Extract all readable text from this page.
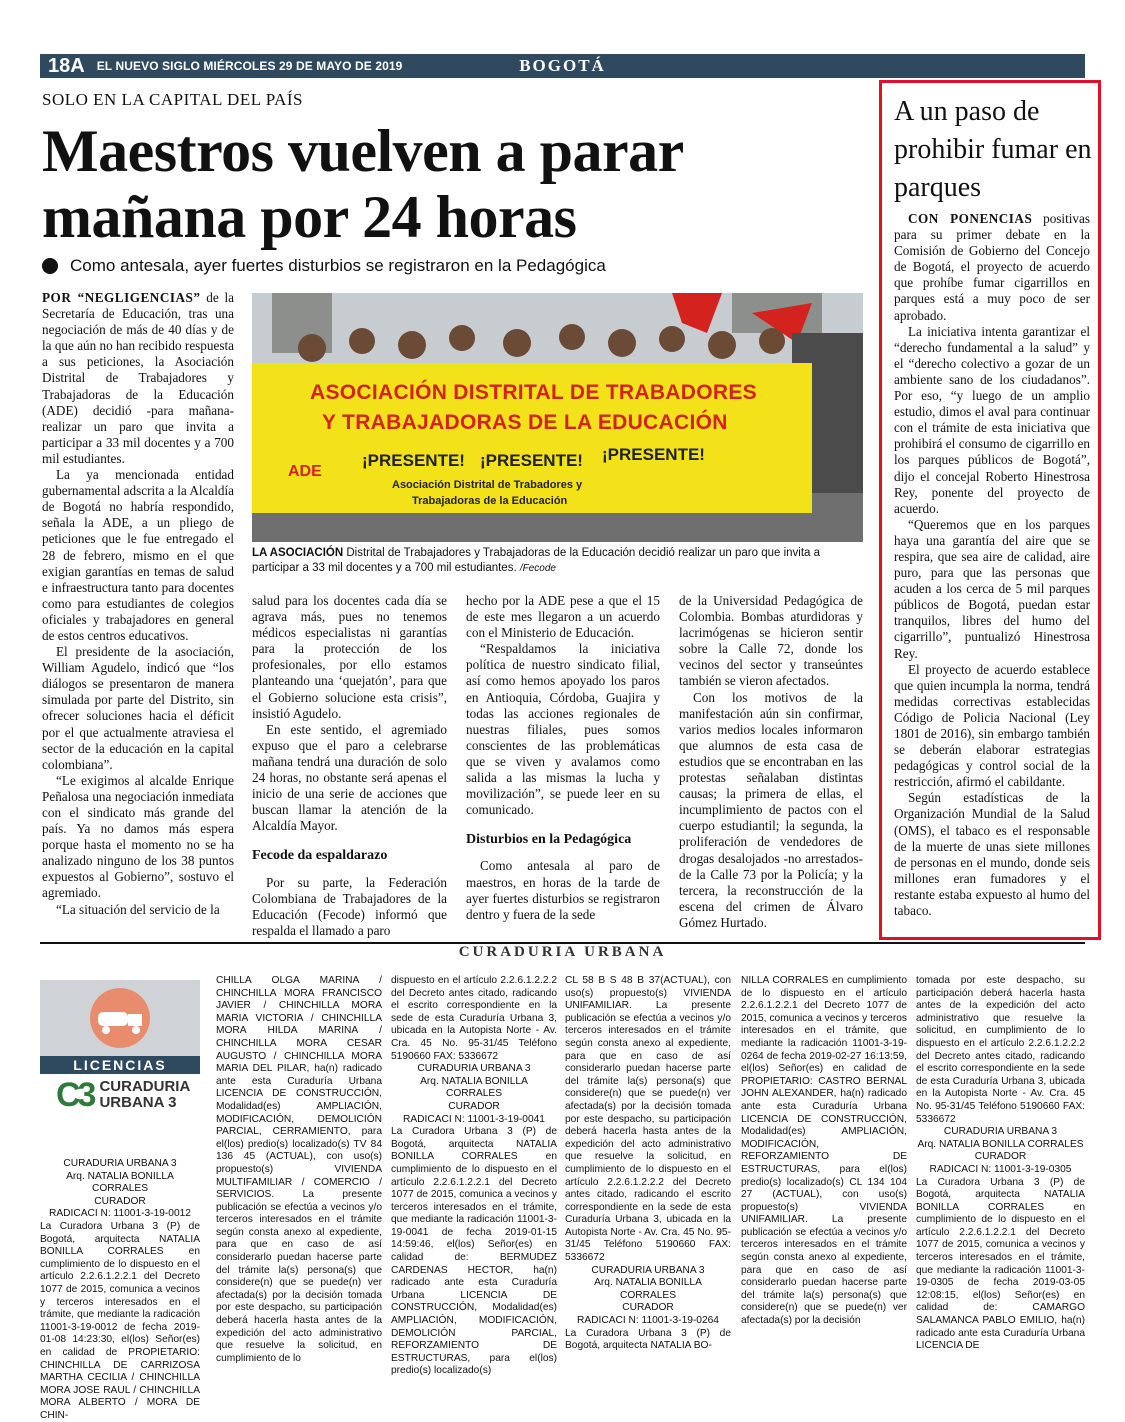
18A EL NUEVO SIGLO MIÉRCOLES 29 DE MAYO DE 2019	BOGOTÁ
SOLO EN LA CAPITAL DEL PAÍS
Maestros vuelven a parar mañana por 24 horas
Como antesala, ayer fuertes disturbios se registraron en la Pedagógica

POR “NEGLIGENCIAS” de la Secretaría de Educación, tras una negociación de más de 40 días y de la que aún no han recibido respuesta a sus peticiones, la Asociación Distrital de Trabajadores y Trabajadoras de la Educación (ADE) decidió -para mañana- realizar un paro que invita a participar a 33 mil docentes y a 700 mil estudiantes.

La ya mencionada entidad gubernamental adscrita a la Alcaldía de Bogotá no habría respondido, señala la ADE, a un pliego de peticiones que le fue entregado el 28 de febrero, mismo en el que exigian garantías en temas de salud e infraestructura tanto para docentes como para estudiantes de colegios oficiales y trabajadores en general de estos centros educativos.

El presidente de la asociación, William Agudelo, indicó que “los diálogos se presentaron de manera simulada por parte del Distrito, sin ofrecer soluciones hacia el déficit por el que actualmente atraviesa el sector de la educación en la capital colombiana”.

“Le exigimos al alcalde Enrique Peñalosa una negociación inmediata con el sindicato más grande del país. Ya no damos más espera porque hasta el momento no se ha analizado ninguno de los 38 puntos expuestos al Gobierno”, sostuvo el agremiado.

“La situación del servicio de la

ASOCIACIÓN DISTRITAL DE TRABADORES
Y TRABAJADORAS DE LA EDUCACIÓN
¡PRESENTE! ¡PRESENTE! ¡PRESENTE!
ADE
Asociación Distrital de Trabadores y
Trabajadoras de la Educación
LA ASOCIACIÓN Distrital de Trabajadores y Trabajadoras de la Educación decidió realizar un paro que invita a participar a 33 mil docentes y a 700 mil estudiantes. /Fecode

salud para los docentes cada día se agrava más, pues no tenemos médicos especialistas ni garantías para la protección de los profesionales, por ello estamos planteando una ‘quejatón’, para que el Gobierno solucione esta crisis”, insistió Agudelo.

En este sentido, el agremiado expuso que el paro a celebrarse mañana tendrá una duración de solo 24 horas, no obstante será apenas el inicio de una serie de acciones que buscan llamar la atención de la Alcaldía Mayor.

Fecode da espaldarazo

Por su parte, la Federación Colombiana de Trabajadores de la Educación (Fecode) informó que respalda el llamado a paro

hecho por la ADE pese a que el 15 de este mes llegaron a un acuerdo con el Ministerio de Educación.

“Respaldamos la iniciativa política de nuestro sindicato filial, así como hemos apoyado los paros en Antioquia, Córdoba, Guajira y todas las acciones regionales de nuestras filiales, pues somos conscientes de las problemáticas que se viven y avalamos como salida a las mismas la lucha y movilización”, se puede leer en su comunicado.

Disturbios en la Pedagógica

Como antesala al paro de maestros, en horas de la tarde de ayer fuertes disturbios se registraron dentro y fuera de la sede

de la Universidad Pedagógica de Colombia. Bombas aturdidoras y lacrimógenas se hicieron sentir sobre la Calle 72, donde los vecinos del sector y transeúntes también se vieron afectados.

Con los motivos de la manifestación aún sin confirmar, varios medios locales informaron que alumnos de esta casa de estudios que se encontraban en las protestas señalaban distintas causas; la primera de ellas, el incumplimiento de pactos con el cuerpo estudiantil; la segunda, la proliferación de vendedores de drogas desalojados -no arrestados- de la Calle 73 por la Policía; y la tercera, la reconstrucción de la escena del crimen de Álvaro Gómez Hurtado.

A un paso de prohibir fumar en parques

CON PONENCIAS positivas para su primer debate en la Comisión de Gobierno del Concejo de Bogotá, el proyecto de acuerdo que prohíbe fumar cigarrillos en parques está a muy poco de ser aprobado.

La iniciativa intenta garantizar el “derecho fundamental a la salud” y el “derecho colectivo a gozar de un ambiente sano de los ciudadanos”. Por eso, “y luego de un amplio estudio, dimos el aval para continuar con el trámite de esta iniciativa que prohibirá el consumo de cigarrillo en los parques públicos de Bogotá”, dijo el concejal Roberto Hinestrosa Rey, ponente del proyecto de acuerdo.

“Queremos que en los parques haya una garantía del aire que se respira, que sea aire de calidad, aire puro, para que las personas que acuden a los cerca de 5 mil parques públicos de Bogotá, puedan estar tranquilos, libres del humo del cigarrillo”, puntualizó Hinestrosa Rey.

El proyecto de acuerdo establece que quien incumpla la norma, tendrá medidas correctivas establecidas Código de Policia Nacional (Ley 1801 de 2016), sin embargo también se deberán elaborar estrategias pedagógicas y control social de la restricción, afirmó el cabildante.

Según estadísticas de la Organización Mundial de la Salud (OMS), el tabaco es el responsable de la muerte de unas siete millones de personas en el mundo, donde seis millones eran fumadores y el restante estaba expuesto al humo del tabaco.

CURADURIA URBANA
LICENCIAS
C3 CURADURIA
URBANA 3
CURADURIA URBANA 3
Arq. NATALIA BONILLA CORRALES
CURADOR
RADICACI N: 11001-3-19-0012
La Curadora Urbana 3 (P) de Bogotá, arquitecta NATALIA BONILLA CORRALES en cumplimiento de lo dispuesto en el artículo 2.2.6.1.2.2.1 del Decreto 1077 de 2015, comunica a vecinos y terceros interesados en el trámite, que mediante la radicación 11001-3-19-0012 de fecha 2019-01-08 14:23:30, el(los) Señor(es) en calidad de PROPIETARIO: CHINCHILLA DE CARRIZOSA MARTHA CECILIA / CHINCHILLA MORA JOSE RAUL / CHINCHILLA MORA ALBERTO / MORA DE CHIN-
CHILLA OLGA MARINA / CHINCHILLA MORA FRANCISCO JAVIER / CHINCHILLA MORA MARIA VICTORIA / CHINCHILLA MORA HILDA MARINA / CHINCHILLA MORA CESAR AUGUSTO / CHINCHILLA MORA MARIA DEL PILAR, ha(n) radicado ante esta Curaduría Urbana LICENCIA DE CONSTRUCCIÓN, Modalidad(es) AMPLIACIÓN, MODIFICACIÓN, DEMOLICIÓN PARCIAL, CERRAMIENTO, para el(los) predio(s) localizado(s) TV 84 136 45 (ACTUAL), con uso(s) propuesto(s) VIVIENDA MULTIFAMILIAR / COMERCIO / SERVICIOS. La presente publicación se efectúa a vecinos y/o terceros interesados en el trámite según consta anexo al expediente, para que en caso de así considerarlo puedan hacerse parte del trámite la(s) persona(s) que considere(n) que se puede(n) ver afectada(s) por la decisión tomada por este despacho, su participación deberá hacerla hasta antes de la expedición del acto administrativo que resuelve la solicitud, en cumplimiento de lo
dispuesto en el artículo 2.2.6.1.2.2.2 del Decreto antes citado, radicando el escrito correspondiente en la sede de esta Curaduría Urbana 3, ubicada en la Autopista Norte - Av. Cra. 45 No. 95-31/45 Teléfono 5190660 FAX: 5336672
CURADURIA URBANA 3
Arq. NATALIA BONILLA CORRALES
CURADOR
RADICACI N: 11001-3-19-0041
La Curadora Urbana 3 (P) de Bogotá, arquitecta NATALIA BONILLA CORRALES en cumplimiento de lo dispuesto en el artículo 2.2.6.1.2.2.1 del Decreto 1077 de 2015, comunica a vecinos y terceros interesados en el trámite, que mediante la radicación 11001-3-19-0041 de fecha 2019-01-15 14:59:46, el(los) Señor(es) en calidad de: BERMUDEZ CARDENAS HECTOR, ha(n) radicado ante esta Curaduría Urbana LICENCIA DE CONSTRUCCIÓN, Modalidad(es) AMPLIACIÓN, MODIFICACIÓN, DEMOLICIÓN PARCIAL, REFORZAMIENTO DE ESTRUCTURAS, para el(los) predio(s) localizado(s)
CL 58 B S 48 B 37(ACTUAL), con uso(s) propuesto(s) VIVIENDA UNIFAMILIAR. La presente publicación se efectúa a vecinos y/o terceros interesados en el trámite según consta anexo al expediente, para que en caso de así considerarlo puedan hacerse parte del trámite la(s) persona(s) que considere(n) que se puede(n) ver afectada(s) por la decisión tomada por este despacho, su participación deberá hacerla hasta antes de la expedición del acto administrativo que resuelve la solicitud, en cumplimiento de lo dispuesto en el artículo 2.2.6.1.2.2.2 del Decreto antes citado, radicando el escrito correspondiente en la sede de esta Curaduría Urbana 3, ubicada en la Autopista Norte - Av. Cra. 45 No. 95-31/45 Teléfono 5190660 FAX: 5336672
CURADURIA URBANA 3
Arq. NATALIA BONILLA CORRALES
CURADOR
RADICACI N: 11001-3-19-0264
La Curadora Urbana 3 (P) de Bogotá, arquitecta NATALIA BO-
NILLA CORRALES en cumplimiento de lo dispuesto en el artículo 2.2.6.1.2.2.1 del Decreto 1077 de 2015, comunica a vecinos y terceros interesados en el trámite, que mediante la radicación 11001-3-19-0264 de fecha 2019-02-27 16:13:59, el(los) Señor(es) en calidad de PROPIETARIO: CASTRO BERNAL JOHN ALEXANDER, ha(n) radicado ante esta Curaduría Urbana LICENCIA DE CONSTRUCCIÓN, Modalidad(es) AMPLIACIÓN, MODIFICACIÓN, REFORZAMIENTO DE ESTRUCTURAS, para el(los) predio(s) localizado(s) CL 134 104 27 (ACTUAL), con uso(s) propuesto(s) VIVIENDA UNIFAMILIAR. La presente publicación se efectúa a vecinos y/o terceros interesados en el trámite según consta anexo al expediente, para que en caso de así considerarlo puedan hacerse parte del trámite la(s) persona(s) que considere(n) que se puede(n) ver afectada(s) por la decisión
tomada por este despacho, su participación deberá hacerla hasta antes de la expedición del acto administrativo que resuelve la solicitud, en cumplimiento de lo dispuesto en el artículo 2.2.6.1.2.2.2 del Decreto antes citado, radicando el escrito correspondiente en la sede de esta Curaduría Urbana 3, ubicada en la Autopista Norte - Av. Cra. 45 No. 95-31/45 Teléfono 5190660 FAX: 5336672
CURADURIA URBANA 3
Arq. NATALIA BONILLA CORRALES
CURADOR
RADICACI N: 11001-3-19-0305
La Curadora Urbana 3 (P) de Bogotá, arquitecta NATALIA BONILLA CORRALES en cumplimiento de lo dispuesto en el artículo 2.2.6.1.2.2.1 del Decreto 1077 de 2015, comunica a vecinos y terceros interesados en el trámite, que mediante la radicación 11001-3-19-0305 de fecha 2019-03-05 12:08:15, el(los) Señor(es) en calidad de: CAMARGO SALAMANCA PABLO EMILIO, ha(n) radicado ante esta Curaduría Urbana LICENCIA DE
